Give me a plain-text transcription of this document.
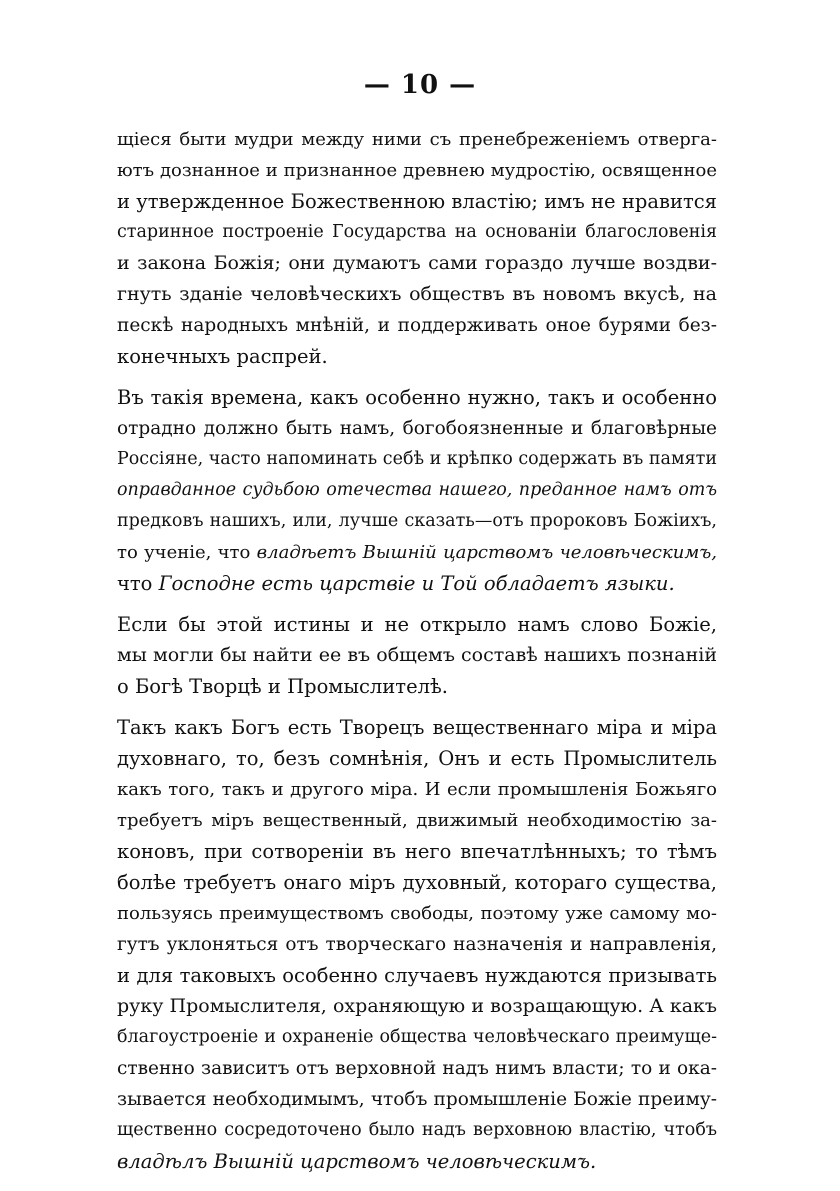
— 10 —
щіеся быти мудри между ними съ пренебреженіемъ отверга-
ютъ дознанное и признанное древнею мудростію, освященное
и утвержденное Божественною властію; имъ не нравится
старинное построеніе Государства на основаніи благословенія
и закона Божія; они думаютъ сами гораздо лучше воздви-
гнуть зданіе человѣческихъ обществъ въ новомъ вкусѣ, на
пескѣ народныхъ мнѣній, и поддерживать оное бурями без-
конечныхъ распрей.
Въ такія времена, какъ особенно нужно, такъ и особенно
отрадно должно быть намъ, богобоязненные и благовѣрные
Россіяне, часто напоминать себѣ и крѣпко содержать въ памяти
оправданное судьбою отечества нашего, преданное намъ отъ
предковъ нашихъ, или, лучше сказать—отъ пророковъ Божіихъ,
то ученіе, что владѣетъ Вышній царствомъ человѣческимъ,
что Господне есть царствіе и Той обладаетъ языки.
Если бы этой истины и не открыло намъ слово Божіе,
мы могли бы найти ее въ общемъ составѣ нашихъ познаній
о Богѣ Творцѣ и Промыслителѣ.
Такъ какъ Богъ есть Творецъ вещественнаго міра и міра
духовнаго, то, безъ сомнѣнія, Онъ и есть Промыслитель
какъ того, такъ и другого міра. И если промышленія Божьяго
требуетъ міръ вещественный, движимый необходимостію за-
коновъ, при сотвореніи въ него впечатлѣнныхъ; то тѣмъ
болѣе требуетъ онаго міръ духовный, котораго существа,
пользуясь преимуществомъ свободы, поэтому уже самому мо-
гутъ уклоняться отъ творческаго назначенія и направленія,
и для таковыхъ особенно случаевъ нуждаются призывать
руку Промыслителя, охраняющую и возращающую. А какъ
благоустроеніе и охраненіе общества человѣческаго преимуще-
ственно зависитъ отъ верховной надъ нимъ власти; то и ока-
зывается необходимымъ, чтобъ промышленіе Божіе преиму-
щественно сосредоточено было надъ верховною властію, чтобъ
владѣлъ Вышній царствомъ человѣческимъ.
